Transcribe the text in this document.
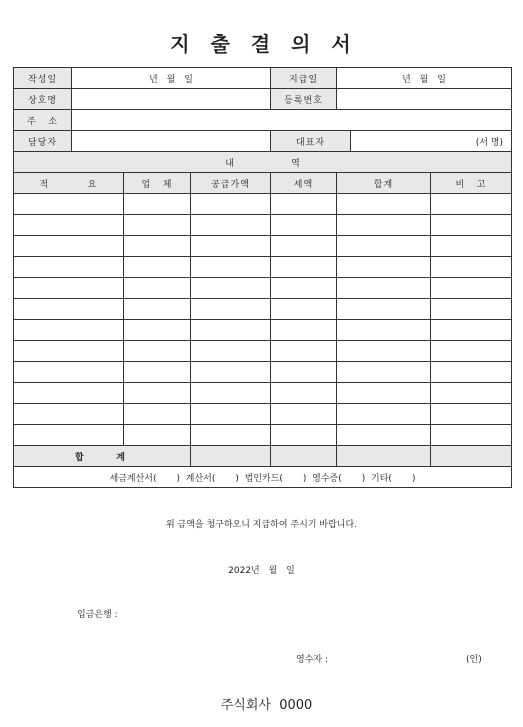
지 출 결 의 서
작성일	년 월 일			지급일	년 월 일		
상호명				등록번호			
주   소							
담당자				대표자		(서 명)	
내                    역							
적          요		업   체	공급가액	세액	합계		비   고

합    계							
세금계산서(       )  계산서(       )  법인카드(       )  영수증(       )  기타(       )							
위 금액을 청구하오니 지급하여 주시기 바랍니다.
2022년 월 일
입금은행 :
영수자 :	(인)
주식회사  0000
